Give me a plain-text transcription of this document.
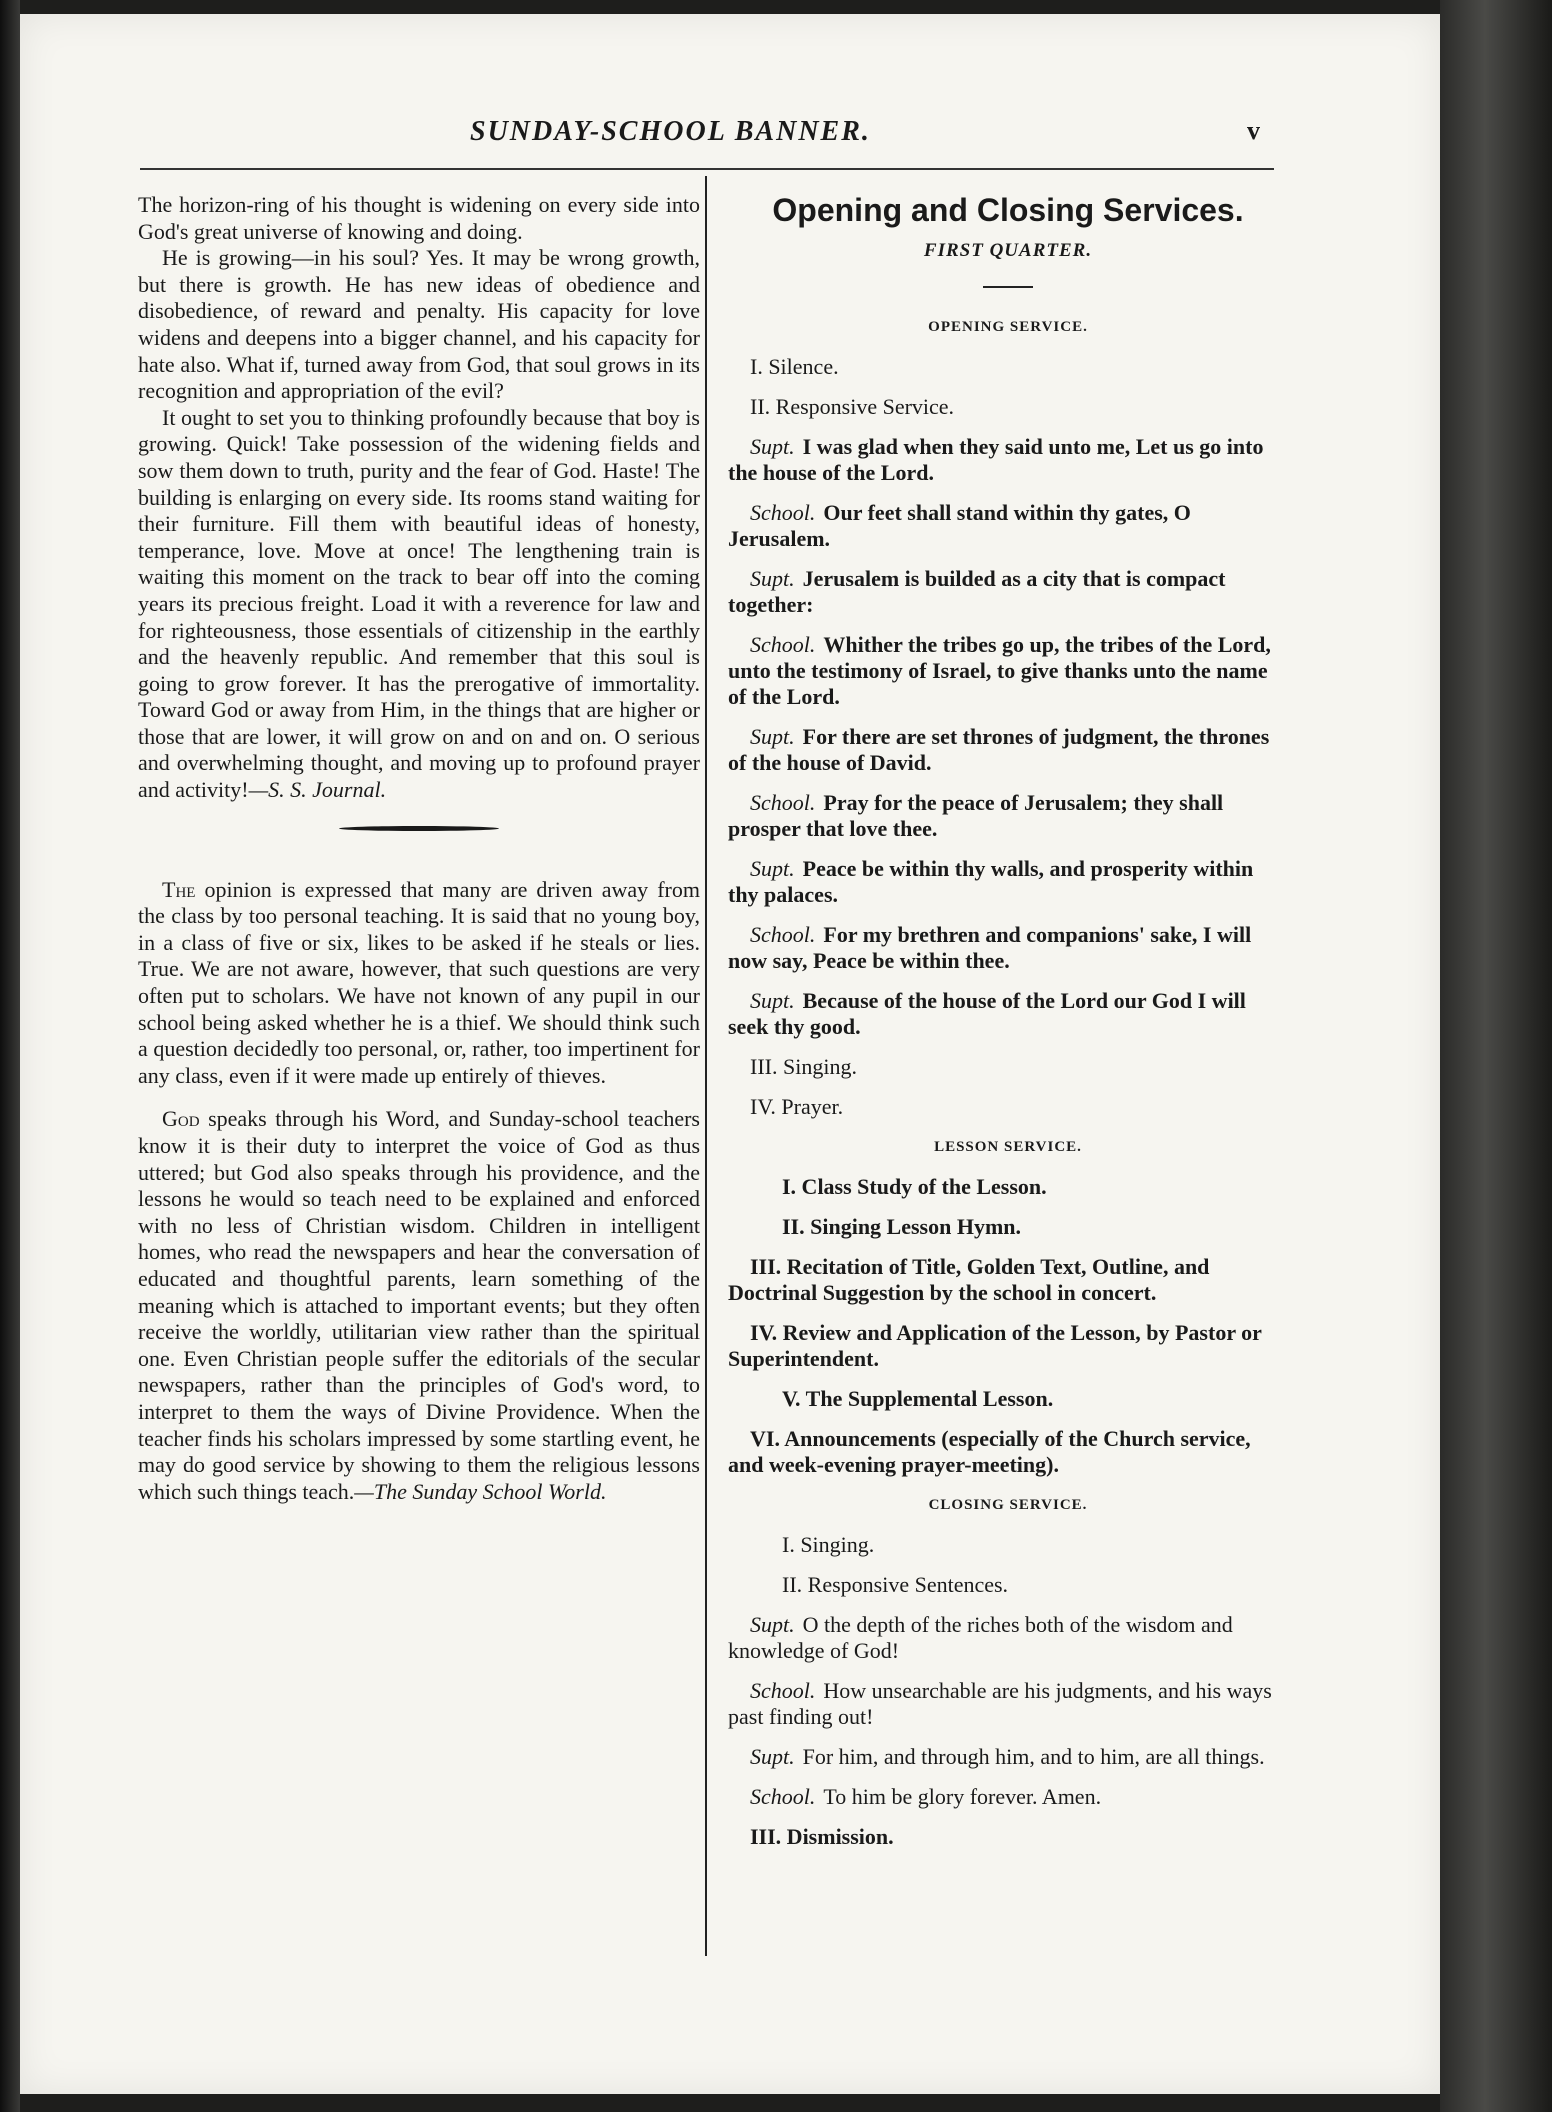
SUNDAY-SCHOOL BANNER.	v

The horizon-ring of his thought is widening on every side into God's great universe of knowing and doing.

He is growing—in his soul? Yes. It may be wrong growth, but there is growth. He has new ideas of obedience and disobedience, of reward and penalty. His capacity for love widens and deepens into a bigger channel, and his capacity for hate also. What if, turned away from God, that soul grows in its recognition and appropriation of the evil?

It ought to set you to thinking profoundly because that boy is growing. Quick! Take possession of the widening fields and sow them down to truth, purity and the fear of God. Haste! The building is enlarging on every side. Its rooms stand waiting for their furniture. Fill them with beautiful ideas of honesty, temperance, love. Move at once! The lengthening train is waiting this moment on the track to bear off into the coming years its precious freight. Load it with a reverence for law and for righteousness, those essentials of citizenship in the earthly and the heavenly republic. And remember that this soul is going to grow forever. It has the prerogative of immortality. Toward God or away from Him, in the things that are higher or those that are lower, it will grow on and on and on. O serious and overwhelming thought, and moving up to profound prayer and activity!—S. S. Journal.

The opinion is expressed that many are driven away from the class by too personal teaching. It is said that no young boy, in a class of five or six, likes to be asked if he steals or lies. True. We are not aware, however, that such questions are very often put to scholars. We have not known of any pupil in our school being asked whether he is a thief. We should think such a question decidedly too personal, or, rather, too impertinent for any class, even if it were made up entirely of thieves.

God speaks through his Word, and Sunday-school teachers know it is their duty to interpret the voice of God as thus uttered; but God also speaks through his providence, and the lessons he would so teach need to be explained and enforced with no less of Christian wisdom. Children in intelligent homes, who read the newspapers and hear the conversation of educated and thoughtful parents, learn something of the meaning which is attached to important events; but they often receive the worldly, utilitarian view rather than the spiritual one. Even Christian people suffer the editorials of the secular newspapers, rather than the principles of God's word, to interpret to them the ways of Divine Providence. When the teacher finds his scholars impressed by some startling event, he may do good service by showing to them the religious lessons which such things teach.—The Sunday School World.

Opening and Closing Services.

FIRST QUARTER.

OPENING SERVICE.

I. Silence.

II. Responsive Service.

Supt. I was glad when they said unto me, Let us go into the house of the Lord.

School. Our feet shall stand within thy gates, O Jerusalem.

Supt. Jerusalem is builded as a city that is compact together:

School. Whither the tribes go up, the tribes of the Lord, unto the testimony of Israel, to give thanks unto the name of the Lord.

Supt. For there are set thrones of judgment, the thrones of the house of David.

School. Pray for the peace of Jerusalem; they shall prosper that love thee.

Supt. Peace be within thy walls, and prosperity within thy palaces.

School. For my brethren and companions' sake, I will now say, Peace be within thee.

Supt. Because of the house of the Lord our God I will seek thy good.

III. Singing.

IV. Prayer.

LESSON SERVICE.

I. Class Study of the Lesson.

II. Singing Lesson Hymn.

III. Recitation of Title, Golden Text, Outline, and Doctrinal Suggestion by the school in concert.

IV. Review and Application of the Lesson, by Pastor or Superintendent.

V. The Supplemental Lesson.

VI. Announcements (especially of the Church service, and week-evening prayer-meeting).

CLOSING SERVICE.

I. Singing.

II. Responsive Sentences.

Supt. O the depth of the riches both of the wisdom and knowledge of God!

School. How unsearchable are his judgments, and his ways past finding out!

Supt. For him, and through him, and to him, are all things.

School. To him be glory forever. Amen.

III. Dismission.
